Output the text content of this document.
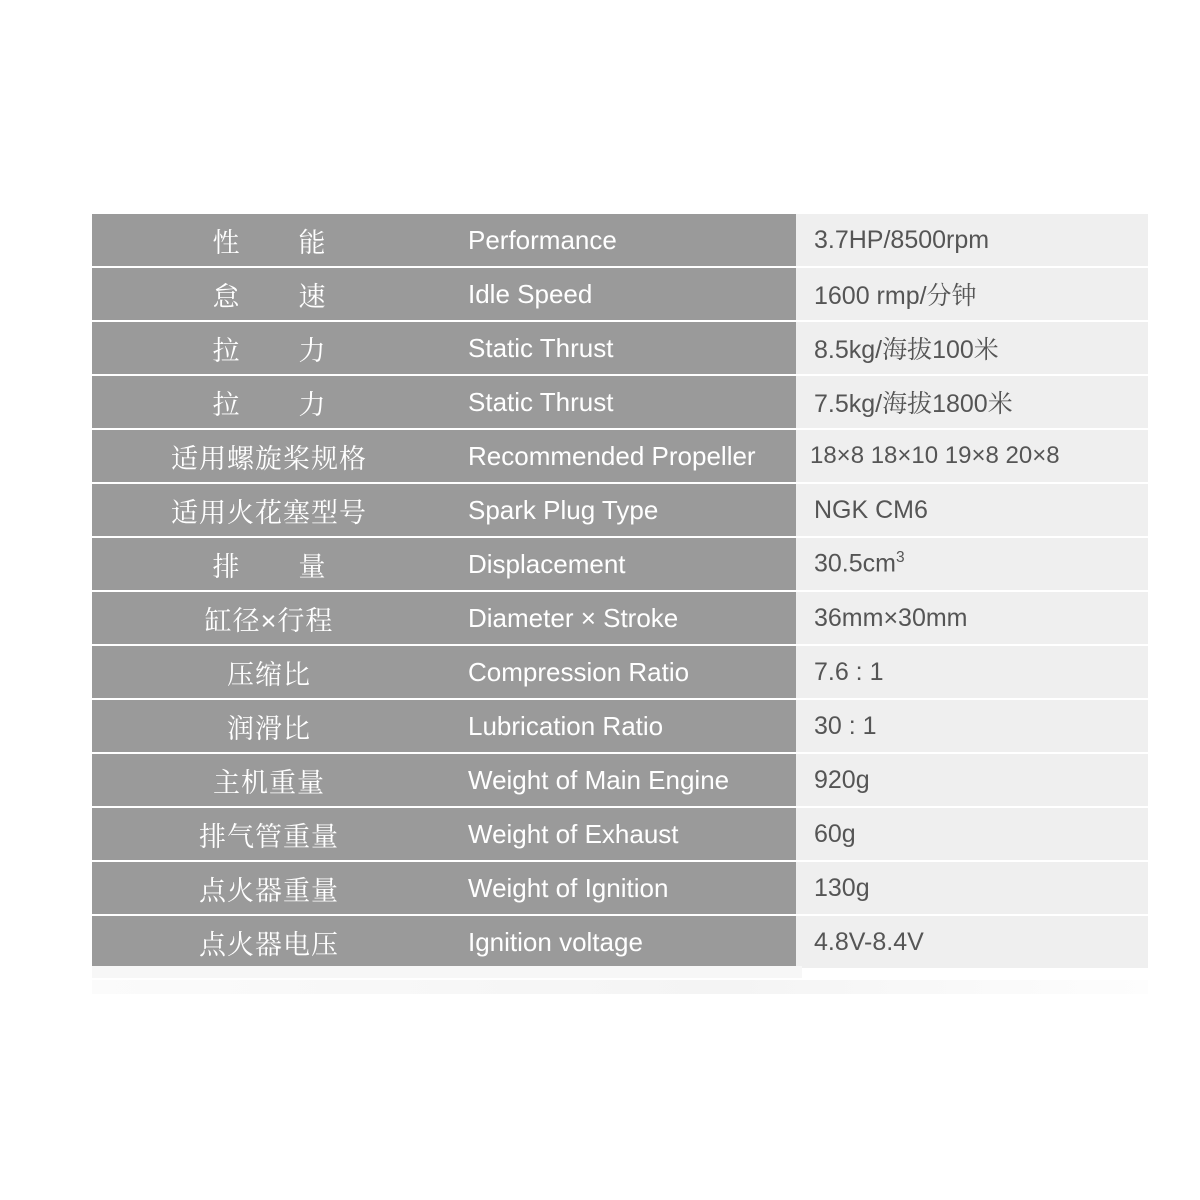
性　能	Performance	3.7HP/8500rpm
怠　速	Idle Speed	1600 rmp/分钟
拉　力	Static Thrust	8.5kg/海拔100米
拉　力	Static Thrust	7.5kg/海拔1800米
适用螺旋桨规格	Recommended Propeller	18×8 18×10 19×8 20×8
适用火花塞型号	Spark Plug Type	NGK CM6
排　量	Displacement	$30.5cm^3$
缸径×行程	Diameter × Stroke	36mm×30mm
压缩比	Compression Ratio	7.6 : 1
润滑比	Lubrication Ratio	30 : 1
主机重量	Weight of Main Engine	920g
排气管重量	Weight of Exhaust	60g
点火器重量	Weight of Ignition	130g
点火器电压	Ignition voltage	4.8V-8.4V
